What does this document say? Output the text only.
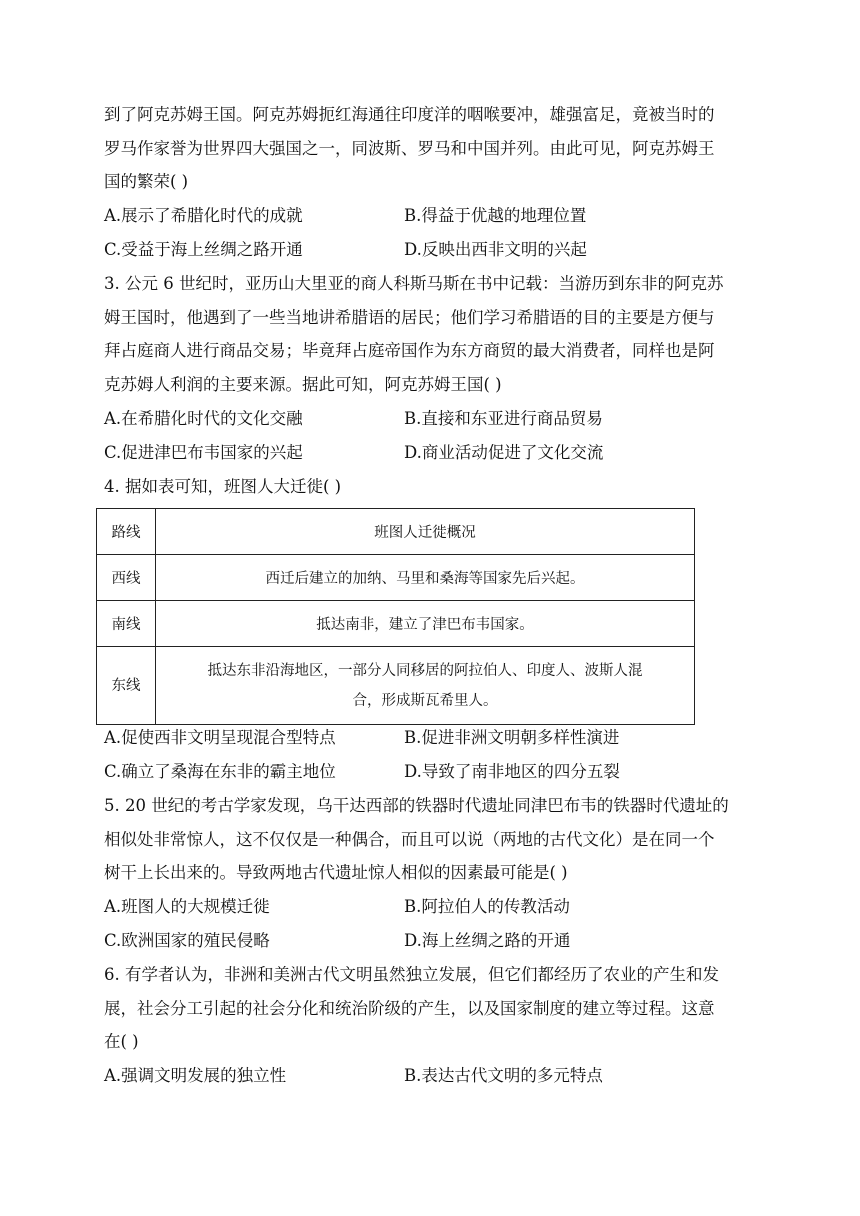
到了阿克苏姆王国。阿克苏姆扼红海通往印度洋的咽喉要冲，雄强富足，竟被当时的
罗马作家誉为世界四大强国之一，同波斯、罗马和中国并列。由此可见，阿克苏姆王
国的繁荣( )
A.展示了希腊化时代的成就	B.得益于优越的地理位置
C.受益于海上丝绸之路开通	D.反映出西非文明的兴起
3. 公元 6 世纪时，亚历山大里亚的商人科斯马斯在书中记载：当游历到东非的阿克苏
姆王国时，他遇到了一些当地讲希腊语的居民；他们学习希腊语的目的主要是方便与
拜占庭商人进行商品交易；毕竟拜占庭帝国作为东方商贸的最大消费者，同样也是阿
克苏姆人利润的主要来源。据此可知，阿克苏姆王国( )
A.在希腊化时代的文化交融	B.直接和东亚进行商品贸易
C.促进津巴布韦国家的兴起	D.商业活动促进了文化交流
4. 据如表可知，班图人大迁徙( )
路线	班图人迁徙概况
西线	西迁后建立的加纳、马里和桑海等国家先后兴起。
南线	抵达南非，建立了津巴布韦国家。
东线	抵达东非沿海地区，一部分人同移居的阿拉伯人、印度人、波斯人混
合，形成斯瓦希里人。
A.促使西非文明呈现混合型特点	B.促进非洲文明朝多样性演进
C.确立了桑海在东非的霸主地位	D.导致了南非地区的四分五裂
5. 20 世纪的考古学家发现，乌干达西部的铁器时代遗址同津巴布韦的铁器时代遗址的
相似处非常惊人，这不仅仅是一种偶合，而且可以说（两地的古代文化）是在同一个
树干上长出来的。导致两地古代遗址惊人相似的因素最可能是( )
A.班图人的大规模迁徙	B.阿拉伯人的传教活动
C.欧洲国家的殖民侵略	D.海上丝绸之路的开通
6. 有学者认为，非洲和美洲古代文明虽然独立发展，但它们都经历了农业的产生和发
展，社会分工引起的社会分化和统治阶级的产生，以及国家制度的建立等过程。这意
在( )
A.强调文明发展的独立性	B.表达古代文明的多元特点
